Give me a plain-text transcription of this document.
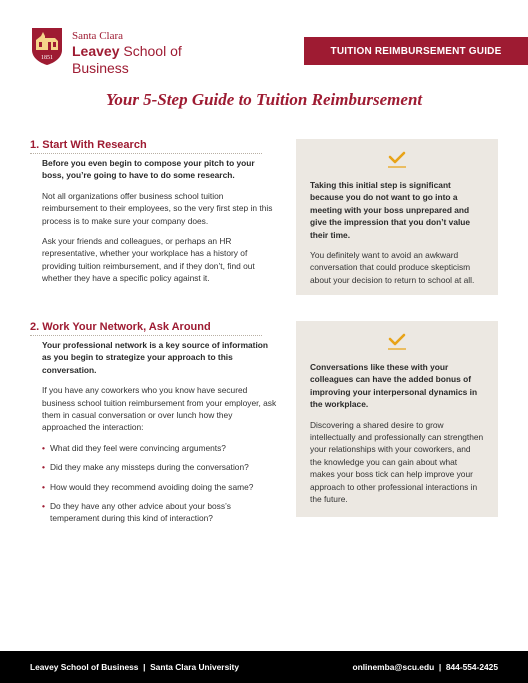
1851
Santa Clara
Leavey School of Business
TUITION REIMBURSEMENT GUIDE
Your 5-Step Guide to Tuition Reimbursement
1. Start With Research

Before you even begin to compose your pitch to your boss, you’re going to have to do some research.

Not all organizations offer business school tuition reimbursement to their employees, so the very first step in this process is to make sure your company does.

Ask your friends and colleagues, or perhaps an HR representative, whether your workplace has a history of providing tuition reimbursement, and if they don’t, find out whether they have a specific policy against it.

Taking this initial step is significant because you do not want to go into a meeting with your boss unprepared and give the impression that you don’t value their time.

You definitely want to avoid an awkward conversation that could produce skepticism about your decision to return to school at all.

2. Work Your Network, Ask Around

Your professional network is a key source of information as you begin to strategize your approach to this conversation.

If you have any coworkers who you know have secured business school tuition reimbursement from your employer, ask them in casual conversation or over lunch how they approached the interaction:

• What did they feel were convincing arguments?
• Did they make any missteps during the conversation?
• How would they recommend avoiding doing the same?
• Do they have any other advice about your boss’s temperament during this kind of interaction?

Conversations like these with your colleagues can have the added bonus of improving your interpersonal dynamics in the workplace.

Discovering a shared desire to grow intellectually and professionally can strengthen your relationships with your coworkers, and the knowledge you can gain about what makes your boss tick can help improve your approach to other professional interactions in the future.

Leavey School of Business  |  Santa Clara University	onlinemba@scu.edu  |  844-554-2425
